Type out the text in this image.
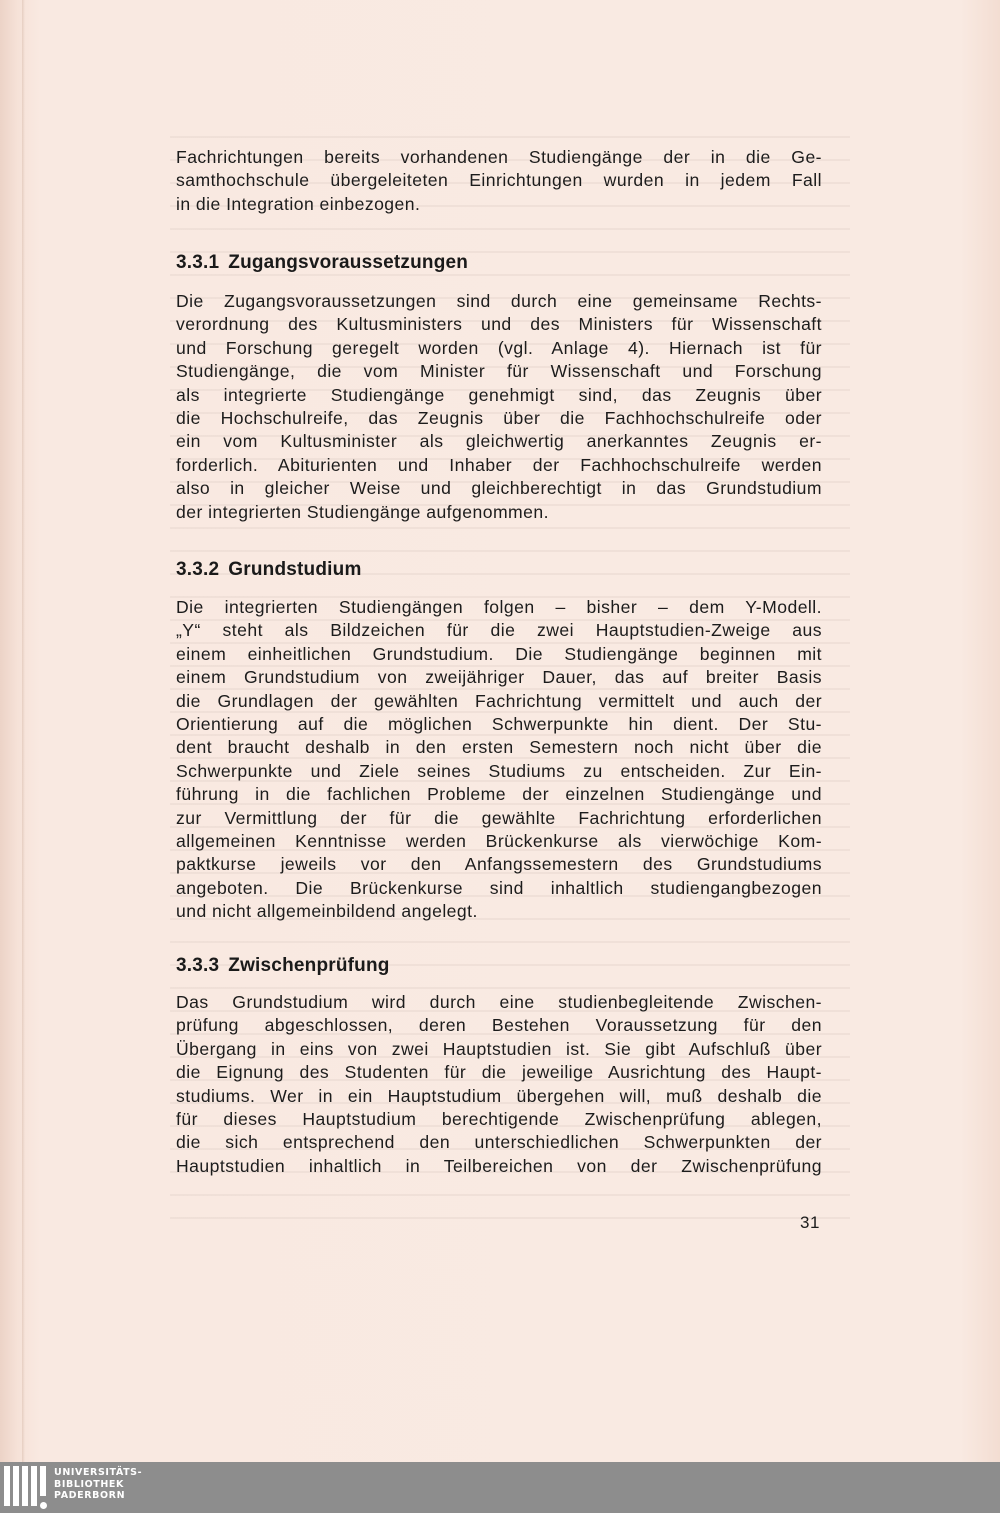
Fachrichtungen bereits vorhandenen Studiengänge der in die Ge-
samthochschule übergeleiteten Einrichtungen wurden in jedem Fall
in die Integration einbezogen.
3.3.1 Zugangsvoraussetzungen
Die Zugangsvoraussetzungen sind durch eine gemeinsame Rechts-
verordnung des Kultusministers und des Ministers für Wissenschaft
und Forschung geregelt worden (vgl. Anlage 4). Hiernach ist für
Studiengänge, die vom Minister für Wissenschaft und Forschung
als integrierte Studiengänge genehmigt sind, das Zeugnis über
die Hochschulreife, das Zeugnis über die Fachhochschulreife oder
ein vom Kultusminister als gleichwertig anerkanntes Zeugnis er-
forderlich. Abiturienten und Inhaber der Fachhochschulreife werden
also in gleicher Weise und gleichberechtigt in das Grundstudium
der integrierten Studiengänge aufgenommen.
3.3.2 Grundstudium
Die integrierten Studiengängen folgen – bisher – dem Y-Modell.
„Y“ steht als Bildzeichen für die zwei Hauptstudien-Zweige aus
einem einheitlichen Grundstudium. Die Studiengänge beginnen mit
einem Grundstudium von zweijähriger Dauer, das auf breiter Basis
die Grundlagen der gewählten Fachrichtung vermittelt und auch der
Orientierung auf die möglichen Schwerpunkte hin dient. Der Stu-
dent braucht deshalb in den ersten Semestern noch nicht über die
Schwerpunkte und Ziele seines Studiums zu entscheiden. Zur Ein-
führung in die fachlichen Probleme der einzelnen Studiengänge und
zur Vermittlung der für die gewählte Fachrichtung erforderlichen
allgemeinen Kenntnisse werden Brückenkurse als vierwöchige Kom-
paktkurse jeweils vor den Anfangssemestern des Grundstudiums
angeboten. Die Brückenkurse sind inhaltlich studiengangbezogen
und nicht allgemeinbildend angelegt.
3.3.3 Zwischenprüfung
Das Grundstudium wird durch eine studienbegleitende Zwischen-
prüfung abgeschlossen, deren Bestehen Voraussetzung für den
Übergang in eins von zwei Hauptstudien ist. Sie gibt Aufschluß über
die Eignung des Studenten für die jeweilige Ausrichtung des Haupt-
studiums. Wer in ein Hauptstudium übergehen will, muß deshalb die
für dieses Hauptstudium berechtigende Zwischenprüfung ablegen,
die sich entsprechend den unterschiedlichen Schwerpunkten der
Hauptstudien inhaltlich in Teilbereichen von der Zwischenprüfung
31
UNIVERSITÄTS-
BIBLIOTHEK
PADERBORN
